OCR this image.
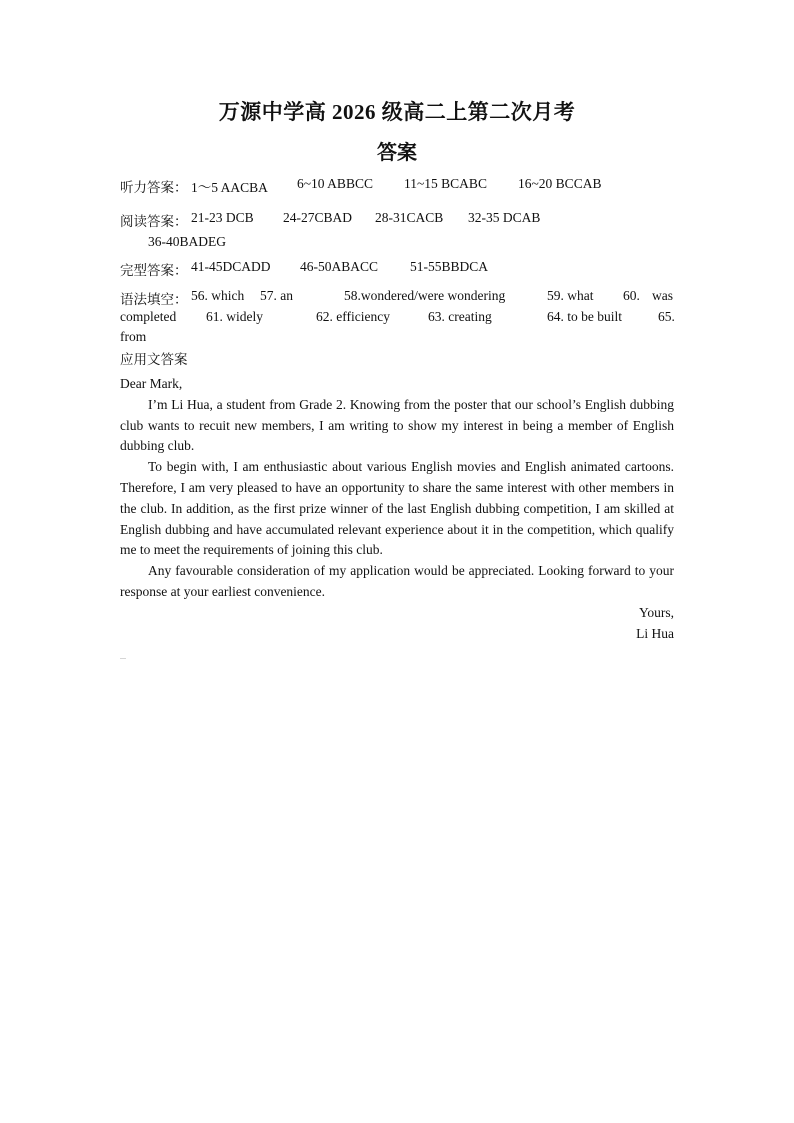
万源中学高 2026 级高二上第二次月考
答案
听力答案： 1～5 AACBA 6~10 ABBCC 11~15 BCABC 16~20 BCCAB
阅读答案： 21-23 DCB 24-27CBAD 28-31CACB 32-35 DCAB
36-40BADEG
完型答案： 41-45DCADD 46-50ABACC 51-55BBDCA
语法填空： 56. which 57. an	58.wondered/were wondering	59. what 60. was
completed 61. widely	62. efficiency	63. creating	64. to be built	65.
from
应用文答案

Dear Mark,

I’m Li Hua, a student from Grade 2. Knowing from the poster that our school’s English dubbing club wants to recuit new members, I am writing to show my interest in being a member of English dubbing club.

To begin with, I am enthusiastic about various English movies and English animated cartoons. Therefore, I am very pleased to have an opportunity to share the same interest with other members in the club. In addition, as the first prize winner of the last English dubbing competition, I am skilled at English dubbing and have accumulated relevant experience about it in the competition, which qualify me to meet the requirements of joining this club.

Any favourable consideration of my application would be appreciated. Looking forward to your response at your earliest convenience.

Yours,

Li Hua
